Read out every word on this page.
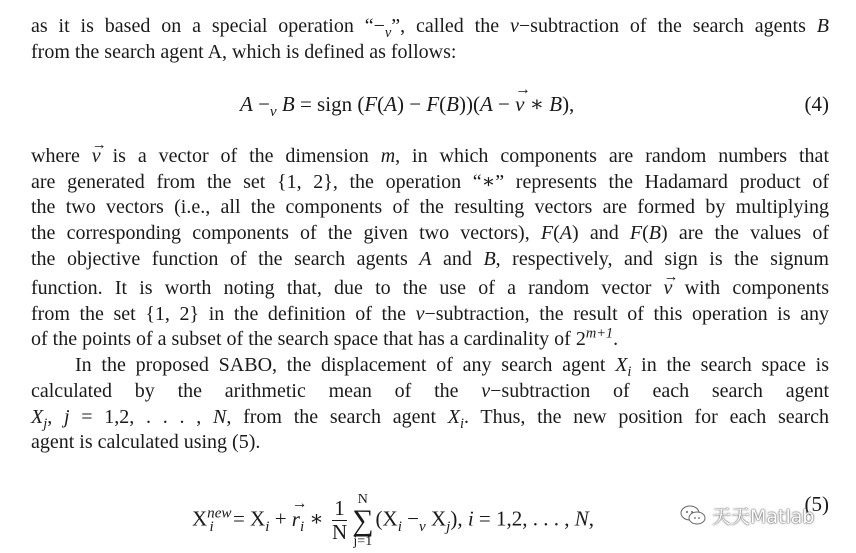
as it is based on a special operation “$-_v$”, called the v−subtraction of the search agents B

from the search agent A, which is defined as follows:

$A -_v$ B = sign (F(A) − F(B))(A − → v ∗ B),	(4)

where → v is a vector of the dimension m, in which components are random numbers that

are generated from the set {1, 2}, the operation “∗” represents the Hadamard product of

the two vectors (i.e., all the components of the resulting vectors are formed by multiplying

the corresponding components of the given two vectors), F(A) and F(B) are the values of

the objective function of the search agents A and B, respectively, and sign is the signum

function. It is worth noting that, due to the use of a random vector → v with components

from the set {1, 2} in the definition of the v−subtraction, the result of this operation is any

of the points of a subset of the search space that has a cardinality of $2^{m+1}$.

In the proposed SABO, the displacement of any search agent $X_i$ in the search space is

calculated by the arithmetic mean of the v−subtraction of each search agent

$X_j$, j = 1,2, . . . , N, from the search agent $X_i$. Thus, the new position for each search

agent is calculated using (5).

$X^{new}_i = X_i$ + → $r_i$ ∗ $\frac{1}{N}$ N
∑
j=1
($X_i -_v$ $X_j$), i = 1,2, . . . , N,
(5)
天天Matlab
